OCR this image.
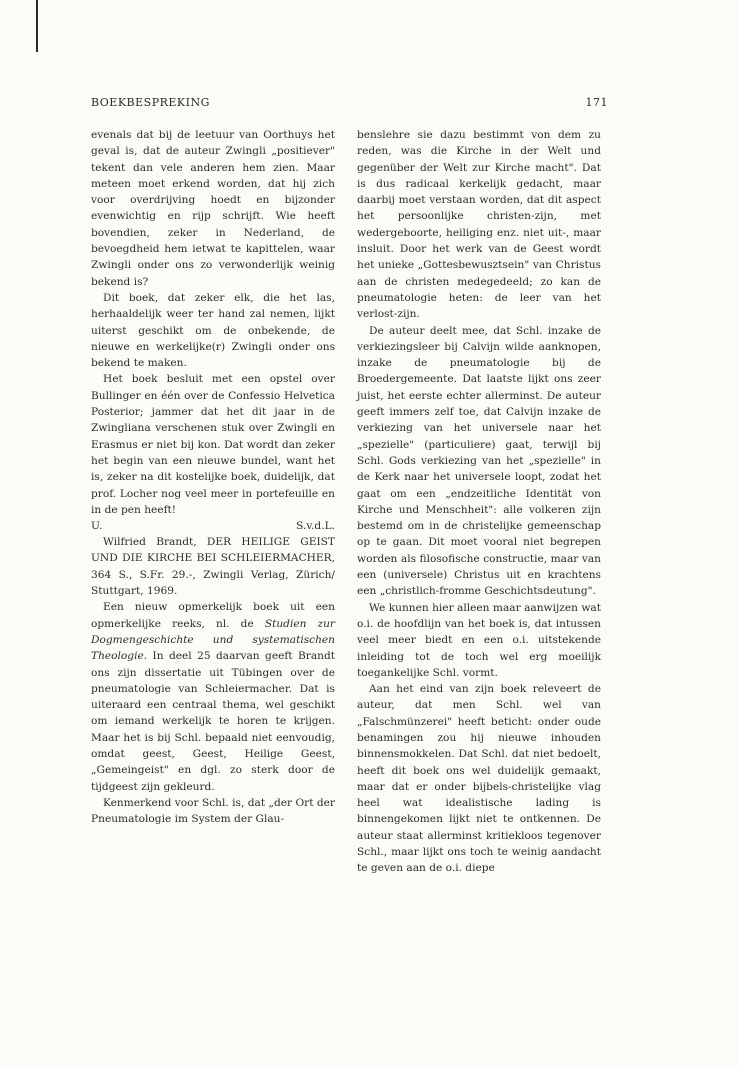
BOEKBESPREKING	171

evenals dat bij de leetuur van Oorthuys het geval is, dat de auteur Zwingli „positiever" tekent dan vele anderen hem zien. Maar meteen moet erkend worden, dat hij zich voor overdrijving hoedt en bijzonder evenwichtig en rijp schrijft. Wie heeft bovendien, zeker in Nederland, de bevoegdheid hem ietwat te kapittelen, waar Zwingli onder ons zo verwonderlijk weinig bekend is?

Dit boek, dat zeker elk, die het las, herhaaldelijk weer ter hand zal nemen, lijkt uiterst geschikt om de onbekende, de nieuwe en werkelijke(r) Zwingli onder ons bekend te maken.

Het boek besluit met een opstel over Bullinger en één over de Confessio Helvetica Posterior; jammer dat het dit jaar in de Zwingliana verschenen stuk over Zwingli en Erasmus er niet bij kon. Dat wordt dan zeker het begin van een nieuwe bundel, want het is, zeker na dit kostelijke boek, duidelijk, dat prof. Locher nog veel meer in portefeuille en in de pen heeft!

U.	S.v.d.L.

Wilfried Brandt, DER HEILIGE GEIST UND DIE KIRCHE BEI SCHLEIERMACHER, 364 S., S.Fr. 29.-, Zwingli Verlag, Zürich/ Stuttgart, 1969.

Een nieuw opmerkelijk boek uit een opmerkelijke reeks, nl. de Studien zur Dogmengeschichte und systematischen Theologie. In deel 25 daarvan geeft Brandt ons zijn dissertatie uit Tübingen over de pneumatologie van Schleiermacher. Dat is uiteraard een centraal thema, wel geschikt om iemand werkelijk te horen te krijgen. Maar het is bij Schl. bepaald niet eenvoudig, omdat geest, Geest, Heilige Geest, „Gemeingeist" en dgl. zo sterk door de tijdgeest zijn gekleurd.

Kenmerkend voor Schl. is, dat „der Ort der Pneumatologie im System der Glau-

benslehre sie dazu bestimmt von dem zu reden, was die Kirche in der Welt und gegenüber der Welt zur Kirche macht". Dat is dus radicaal kerkelijk gedacht, maar daarbij moet verstaan worden, dat dit aspect het persoonlijke christen-zijn, met wedergeboorte, heiliging enz. niet uit-, maar insluit. Door het werk van de Geest wordt het unieke „Gottesbewusztsein" van Christus aan de christen medegedeeld; zo kan de pneumatologie heten: de leer van het verlost-zijn.

De auteur deelt mee, dat Schl. inzake de verkiezingsleer bij Calvijn wilde aanknopen, inzake de pneumatologie bij de Broedergemeente. Dat laatste lijkt ons zeer juist, het eerste echter allerminst. De auteur geeft immers zelf toe, dat Calvijn inzake de verkiezing van het universele naar het „spezielle" (particuliere) gaat, terwijl bij Schl. Gods verkiezing van het „spezielle" in de Kerk naar het universele loopt, zodat het gaat om een „endzeitliche Identität von Kirche und Menschheit": alle volkeren zijn bestemd om in de christelijke gemeenschap op te gaan. Dit moet vooral niet begrepen worden als filosofische constructie, maar van een (universele) Christus uit en krachtens een „christlich-fromme Geschichtsdeutung".

We kunnen hier alleen maar aanwijzen wat o.i. de hoofdlijn van het boek is, dat intussen veel meer biedt en een o.i. uitstekende inleiding tot de toch wel erg moeilijk toegankelijke Schl. vormt.

Aan het eind van zijn boek releveert de auteur, dat men Schl. wel van „Falschmünzerei" heeft beticht: onder oude benamingen zou hij nieuwe inhouden binnensmokkelen. Dat Schl. dat niet bedoelt, heeft dit boek ons wel duidelijk gemaakt, maar dat er onder bijbels-christelijke vlag heel wat idealistische lading is binnengekomen lijkt niet te ontkennen. De auteur staat allerminst kritiekloos tegenover Schl., maar lijkt ons toch te weinig aandacht te geven aan de o.i. diepe
